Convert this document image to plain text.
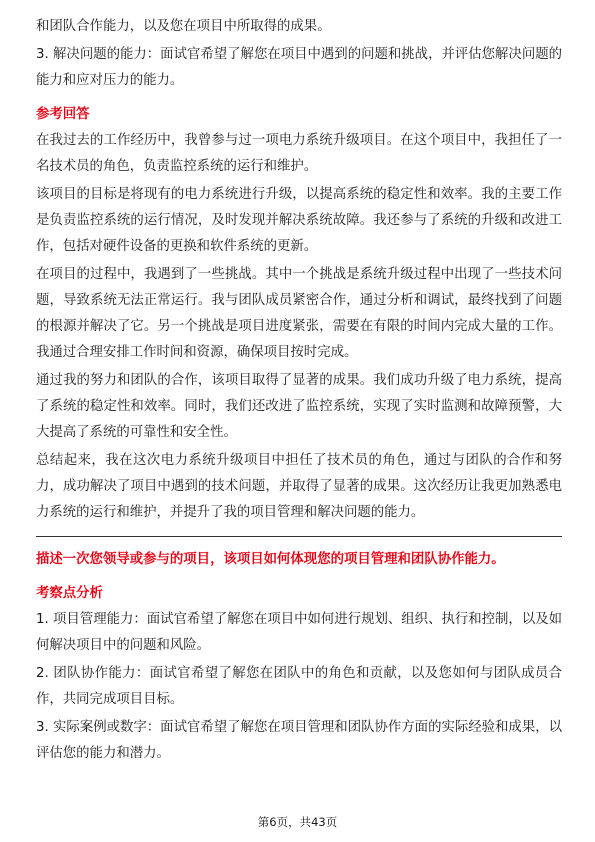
和团队合作能力，以及您在项目中所取得的成果。

3. 解决问题的能力：面试官希望了解您在项目中遇到的问题和挑战，并评估您解决问题的能力和应对压力的能力。

参考回答

在我过去的工作经历中，我曾参与过一项电力系统升级项目。在这个项目中，我担任了一名技术员的角色，负责监控系统的运行和维护。

该项目的目标是将现有的电力系统进行升级，以提高系统的稳定性和效率。我的主要工作是负责监控系统的运行情况，及时发现并解决系统故障。我还参与了系统的升级和改进工作，包括对硬件设备的更换和软件系统的更新。

在项目的过程中，我遇到了一些挑战。其中一个挑战是系统升级过程中出现了一些技术问题，导致系统无法正常运行。我与团队成员紧密合作，通过分析和调试，最终找到了问题的根源并解决了它。另一个挑战是项目进度紧张，需要在有限的时间内完成大量的工作。我通过合理安排工作时间和资源，确保项目按时完成。

通过我的努力和团队的合作，该项目取得了显著的成果。我们成功升级了电力系统，提高了系统的稳定性和效率。同时，我们还改进了监控系统，实现了实时监测和故障预警，大大提高了系统的可靠性和安全性。

总结起来，我在这次电力系统升级项目中担任了技术员的角色，通过与团队的合作和努力，成功解决了项目中遇到的技术问题，并取得了显著的成果。这次经历让我更加熟悉电力系统的运行和维护，并提升了我的项目管理和解决问题的能力。

描述一次您领导或参与的项目，该项目如何体现您的项目管理和团队协作能力。
考察点分析

1. 项目管理能力：面试官希望了解您在项目中如何进行规划、组织、执行和控制，以及如何解决项目中的问题和风险。

2. 团队协作能力：面试官希望了解您在团队中的角色和贡献，以及您如何与团队成员合作，共同完成项目目标。

3. 实际案例或数字：面试官希望了解您在项目管理和团队协作方面的实际经验和成果，以评估您的能力和潜力。

第6页，共43页
